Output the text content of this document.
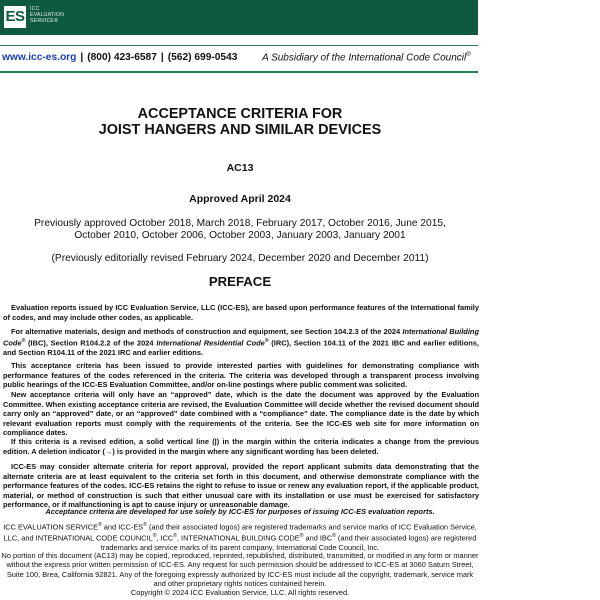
ES ICC
EVALUATION
SERVICE®
www.icc-es.org | (800) 423-6587 | (562) 699-0543 A Subsidiary of the International Code Council®
ACCEPTANCE CRITERIA FOR
JOIST HANGERS AND SIMILAR DEVICES
AC13
Approved April 2024
Previously approved October 2018, March 2018, February 2017, October 2016, June 2015,
October 2010, October 2006, October 2003, January 2003, January 2001
(Previously editorially revised February 2024, December 2020 and December 2011)
PREFACE

Evaluation reports issued by ICC Evaluation Service, LLC (ICC-ES), are based upon performance features of the International family of codes, and may include other codes, as applicable.

For alternative materials, design and methods of construction and equipment, see Section 104.2.3 of the 2024 International Building Code® (IBC), Section R104.2.2 of the 2024 International Residential Code® (IRC), Section 104.11 of the 2021 IBC and earlier editions, and Section R104.11 of the 2021 IRC and earlier editions.

This acceptance criteria has been issued to provide interested parties with guidelines for demonstrating compliance with performance features of the codes referenced in the criteria. The criteria was developed through a transparent process involving public hearings of the ICC-ES Evaluation Committee, and/or on-line postings where public comment was solicited.

New acceptance criteria will only have an “approved” date, which is the date the document was approved by the Evaluation Committee. When existing acceptance criteria are revised, the Evaluation Committee will decide whether the revised document should carry only an “approved” date, or an “approved” date combined with a “compliance” date. The compliance date is the date by which relevant evaluation reports must comply with the requirements of the criteria. See the ICC-ES web site for more information on compliance dates.

If this criteria is a revised edition, a solid vertical line (|) in the margin within the criteria indicates a change from the previous edition. A deletion indicator (→) is provided in the margin where any significant wording has been deleted.

ICC-ES may consider alternate criteria for report approval, provided the report applicant submits data demonstrating that the alternate criteria are at least equivalent to the criteria set forth in this document, and otherwise demonstrate compliance with the performance features of the codes. ICC-ES retains the right to refuse to issue or renew any evaluation report, if the applicable product, material, or method of construction is such that either unusual care with its installation or use must be exercised for satisfactory performance, or if malfunctioning is apt to cause injury or unreasonable damage.

Acceptance criteria are developed for use solely by ICC-ES for purposes of issuing ICC-ES evaluation reports.
ICC EVALUATION SERVICE® and ICC-ES® (and their associated logos) are registered trademarks and service marks of ICC Evaluation Service, LLC, and INTERNATIONAL CODE COUNCIL®, ICC®, INTERNATIONAL BUILDING CODE® and IBC® (and their associated logos) are registered trademarks and service marks of its parent company, International Code Council, Inc.
No portion of this document (AC13) may be copied, reproduced, reprinted, republished, distributed, transmitted, or modified in any form or manner without the express prior written permission of ICC-ES. Any request for such permission should be addressed to ICC-ES at 3060 Saturn Street, Suite 100, Brea, California 92821. Any of the foregoing expressly authorized by ICC-ES must include all the copyright, trademark, service mark and other proprietary rights notices contained herein.
Copyright © 2024 ICC Evaluation Service, LLC. All rights reserved.
